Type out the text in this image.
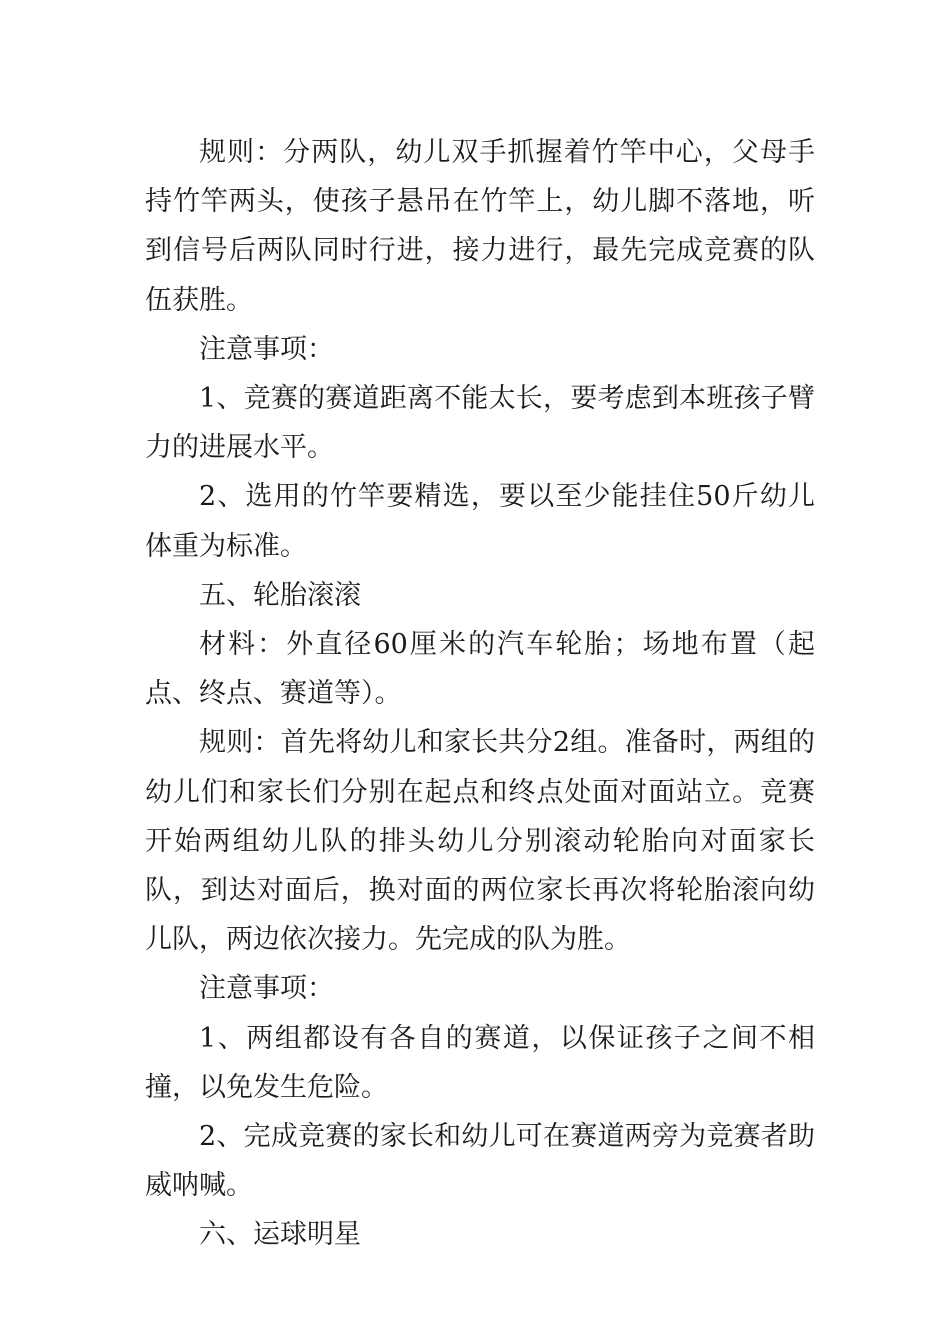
规则：分两队，幼儿双手抓握着竹竿中心，父母手持竹竿两头，使孩子悬吊在竹竿上，幼儿脚不落地，听到信号后两队同时行进，接力进行，最先完成竞赛的队伍获胜。

注意事项：

1、竞赛的赛道距离不能太长，要考虑到本班孩子臂力的进展水平。

2、选用的竹竿要精选，要以至少能挂住50斤幼儿体重为标准。

五、轮胎滚滚

材料：外直径60厘米的汽车轮胎；场地布置（起点、终点、赛道等）。

规则：首先将幼儿和家长共分2组。准备时，两组的幼儿们和家长们分别在起点和终点处面对面站立。竞赛开始两组幼儿队的排头幼儿分别滚动轮胎向对面家长队，到达对面后，换对面的两位家长再次将轮胎滚向幼儿队，两边依次接力。先完成的队为胜。

注意事项：

1、两组都设有各自的赛道，以保证孩子之间不相撞，以免发生危险。

2、完成竞赛的家长和幼儿可在赛道两旁为竞赛者助威呐喊。

六、运球明星
